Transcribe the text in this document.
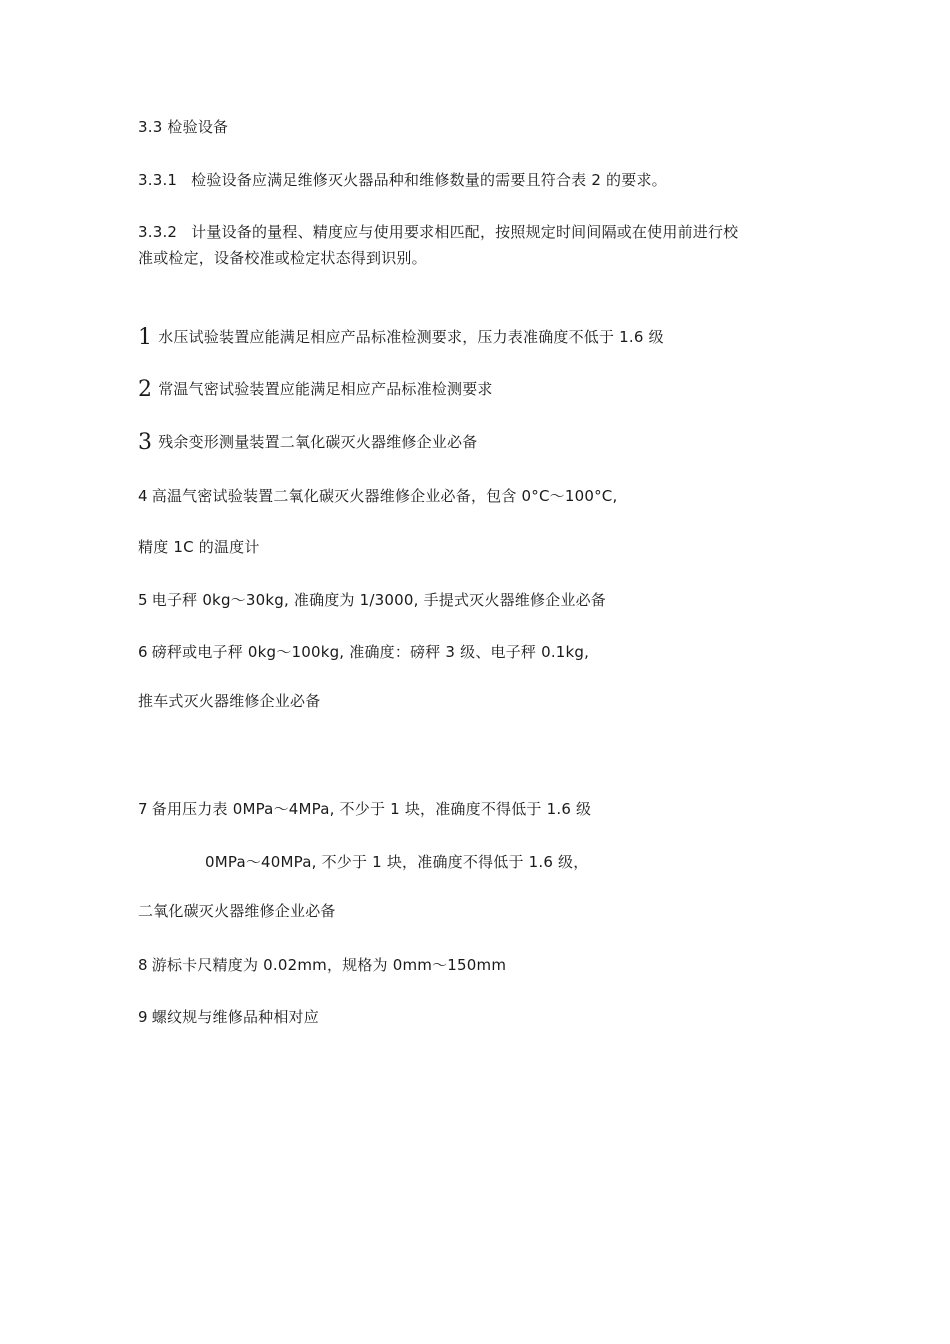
3.3 检验设备
3.3.1 检验设备应满足维修灭火器品种和维修数量的需要且符合表 2 的要求。
3.3.2 计量设备的量程、精度应与使用要求相匹配，按照规定时间间隔或在使用前进行校
准或检定，设备校准或检定状态得到识别。
1 水压试验装置应能满足相应产品标准检测要求，压力表准确度不低于 1.6 级
2 常温气密试验装置应能满足相应产品标准检测要求
3 残余变形测量装置二氧化碳灭火器维修企业必备
4 高温气密试验装置二氧化碳灭火器维修企业必备，包含 0°C～100°C,
精度 1C 的温度计
5 电子秤 0kg～30kg, 准确度为 1/3000, 手提式灭火器维修企业必备
6 磅秤或电子秤 0kg～100kg, 准确度：磅秤 3 级、电子秤 0.1kg,
推车式灭火器维修企业必备
7 备用压力表 0MPa～4MPa, 不少于 1 块，准确度不得低于 1.6 级
0MPa～40MPa, 不少于 1 块，准确度不得低于 1.6 级，
二氧化碳灭火器维修企业必备
8 游标卡尺精度为 0.02mm，规格为 0mm～150mm
9 螺纹规与维修品种相对应
